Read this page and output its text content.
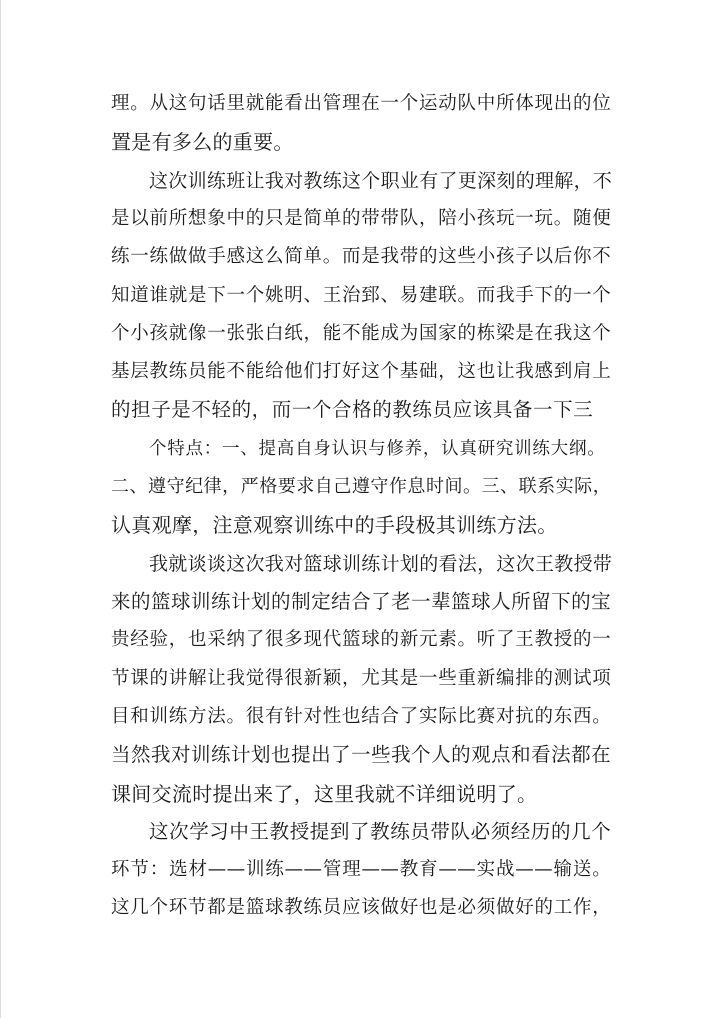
理。从这句话里就能看出管理在一个运动队中所体现出的位
置是有多么的重要。
这次训练班让我对教练这个职业有了更深刻的理解，不
是以前所想象中的只是简单的带带队，陪小孩玩一玩。随便
练一练做做手感这么简单。而是我带的这些小孩子以后你不
知道谁就是下一个姚明、王治郅、易建联。而我手下的一个
个小孩就像一张张白纸，能不能成为国家的栋梁是在我这个
基层教练员能不能给他们打好这个基础，这也让我感到肩上
的担子是不轻的，而一个合格的教练员应该具备一下三
个特点：一、提高自身认识与修养，认真研究训练大纲。
二、遵守纪律，严格要求自己遵守作息时间。三、联系实际，
认真观摩，注意观察训练中的手段极其训练方法。
我就谈谈这次我对篮球训练计划的看法，这次王教授带
来的篮球训练计划的制定结合了老一辈篮球人所留下的宝
贵经验，也采纳了很多现代篮球的新元素。听了王教授的一
节课的讲解让我觉得很新颖，尤其是一些重新编排的测试项
目和训练方法。很有针对性也结合了实际比赛对抗的东西。
当然我对训练计划也提出了一些我个人的观点和看法都在
课间交流时提出来了，这里我就不详细说明了。
这次学习中王教授提到了教练员带队必须经历的几个
环节：选材——训练——管理——教育——实战——输送。
这几个环节都是篮球教练员应该做好也是必须做好的工作，
